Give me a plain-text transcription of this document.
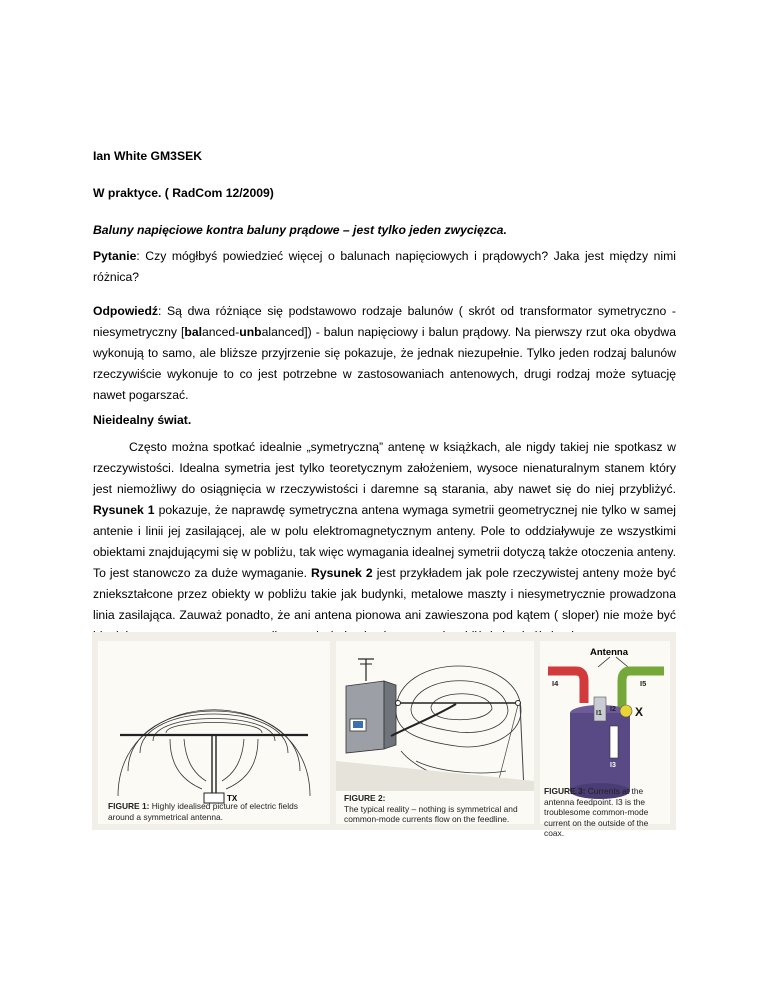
Ian White GM3SEK

W praktyce. ( RadCom 12/2009)

Baluny napięciowe kontra baluny prądowe – jest tylko jeden zwycięzca.

Pytanie: Czy mógłbyś powiedzieć więcej o balunach napięciowych i prądowych? Jaka jest między nimi różnica?

Odpowiedź: Są dwa różniące się podstawowo rodzaje balunów ( skrót od transformator symetryczno -niesymetryczny [balanced-unbalanced]) - balun napięciowy i balun prądowy. Na pierwszy rzut oka obydwa wykonują to samo, ale bliższe przyjrzenie się pokazuje, że jednak niezupełnie. Tylko jeden rodzaj balunów rzeczywiście wykonuje to co jest potrzebne w zastosowaniach antenowych, drugi rodzaj może sytuację nawet pogarszać.

Nieidealny świat.

Często można spotkać idealnie „symetryczną” antenę w książkach, ale nigdy takiej nie spotkasz w rzeczywistości. Idealna symetria jest tylko teoretycznym założeniem, wysoce nienaturalnym stanem który jest niemożliwy do osiągnięcia w rzeczywistości i daremne są starania, aby nawet się do niej przybliżyć. Rysunek 1 pokazuje, że naprawdę symetryczna antena wymaga symetrii geometrycznej nie tylko w samej antenie i linii jej zasilającej, ale w polu elektromagnetycznym anteny. Pole to oddziaływuje ze wszystkimi obiektami znajdującymi się w pobliżu, tak więc wymagania idealnej symetrii dotyczą także otoczenia anteny. To jest stanowczo za duże wymaganie. Rysunek 2 jest przykładem jak pole rzeczywistej anteny może być zniekształcone przez obiekty w pobliżu takie jak budynki, metalowe maszty i niesymetrycznie prowadzona linia zasilająca. Zauważ ponadto, że ani antena pionowa ani zawieszona pod kątem ( sloper) nie może być

TX
FIGURE 1: Highly idealised picture of electric fields
around a symmetrical antenna.
FIGURE 2:
The typical reality – nothing is symmetrical and
common-mode currents flow on the feedline.
Antenna
I4	I5
I1
I2 X
I3
FIGURE 3: Currents at the
antenna feedpoint. I3 is the
troublesome common-mode
current on the outside of the coax.
